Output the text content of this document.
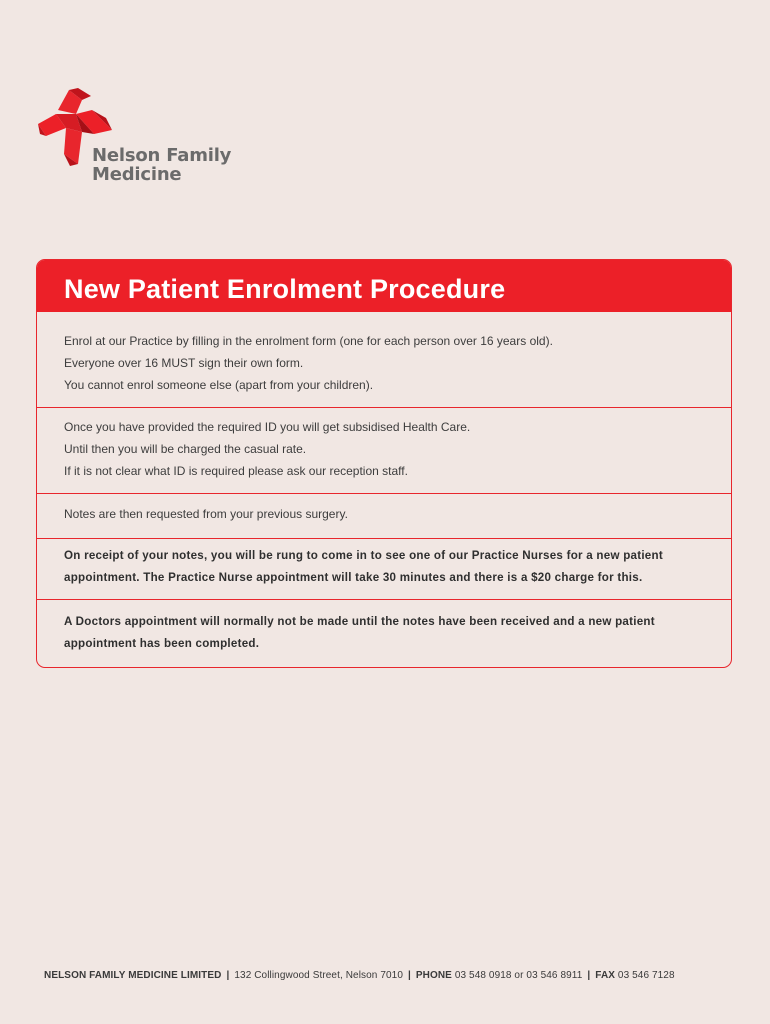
Nelson Family
Medicine
New Patient Enrolment Procedure

Enrol at our Practice by filling in the enrolment form (one for each person over 16 years old).

Everyone over 16 MUST sign their own form.

You cannot enrol someone else (apart from your children).

Once you have provided the required ID you will get subsidised Health Care.

Until then you will be charged the casual rate.

If it is not clear what ID is required please ask our reception staff.

Notes are then requested from your previous surgery.

On receipt of your notes, you will be rung to come in to see one of our Practice Nurses for a new patient

appointment. The Practice Nurse appointment will take 30 minutes and there is a $20 charge for this.

A Doctors appointment will normally not be made until the notes have been received and a new patient

appointment has been completed.

NELSON FAMILY MEDICINE LIMITED | 132 Collingwood Street, Nelson 7010 | PHONE 03 548 0918 or 03 546 8911 | FAX 03 546 7128
